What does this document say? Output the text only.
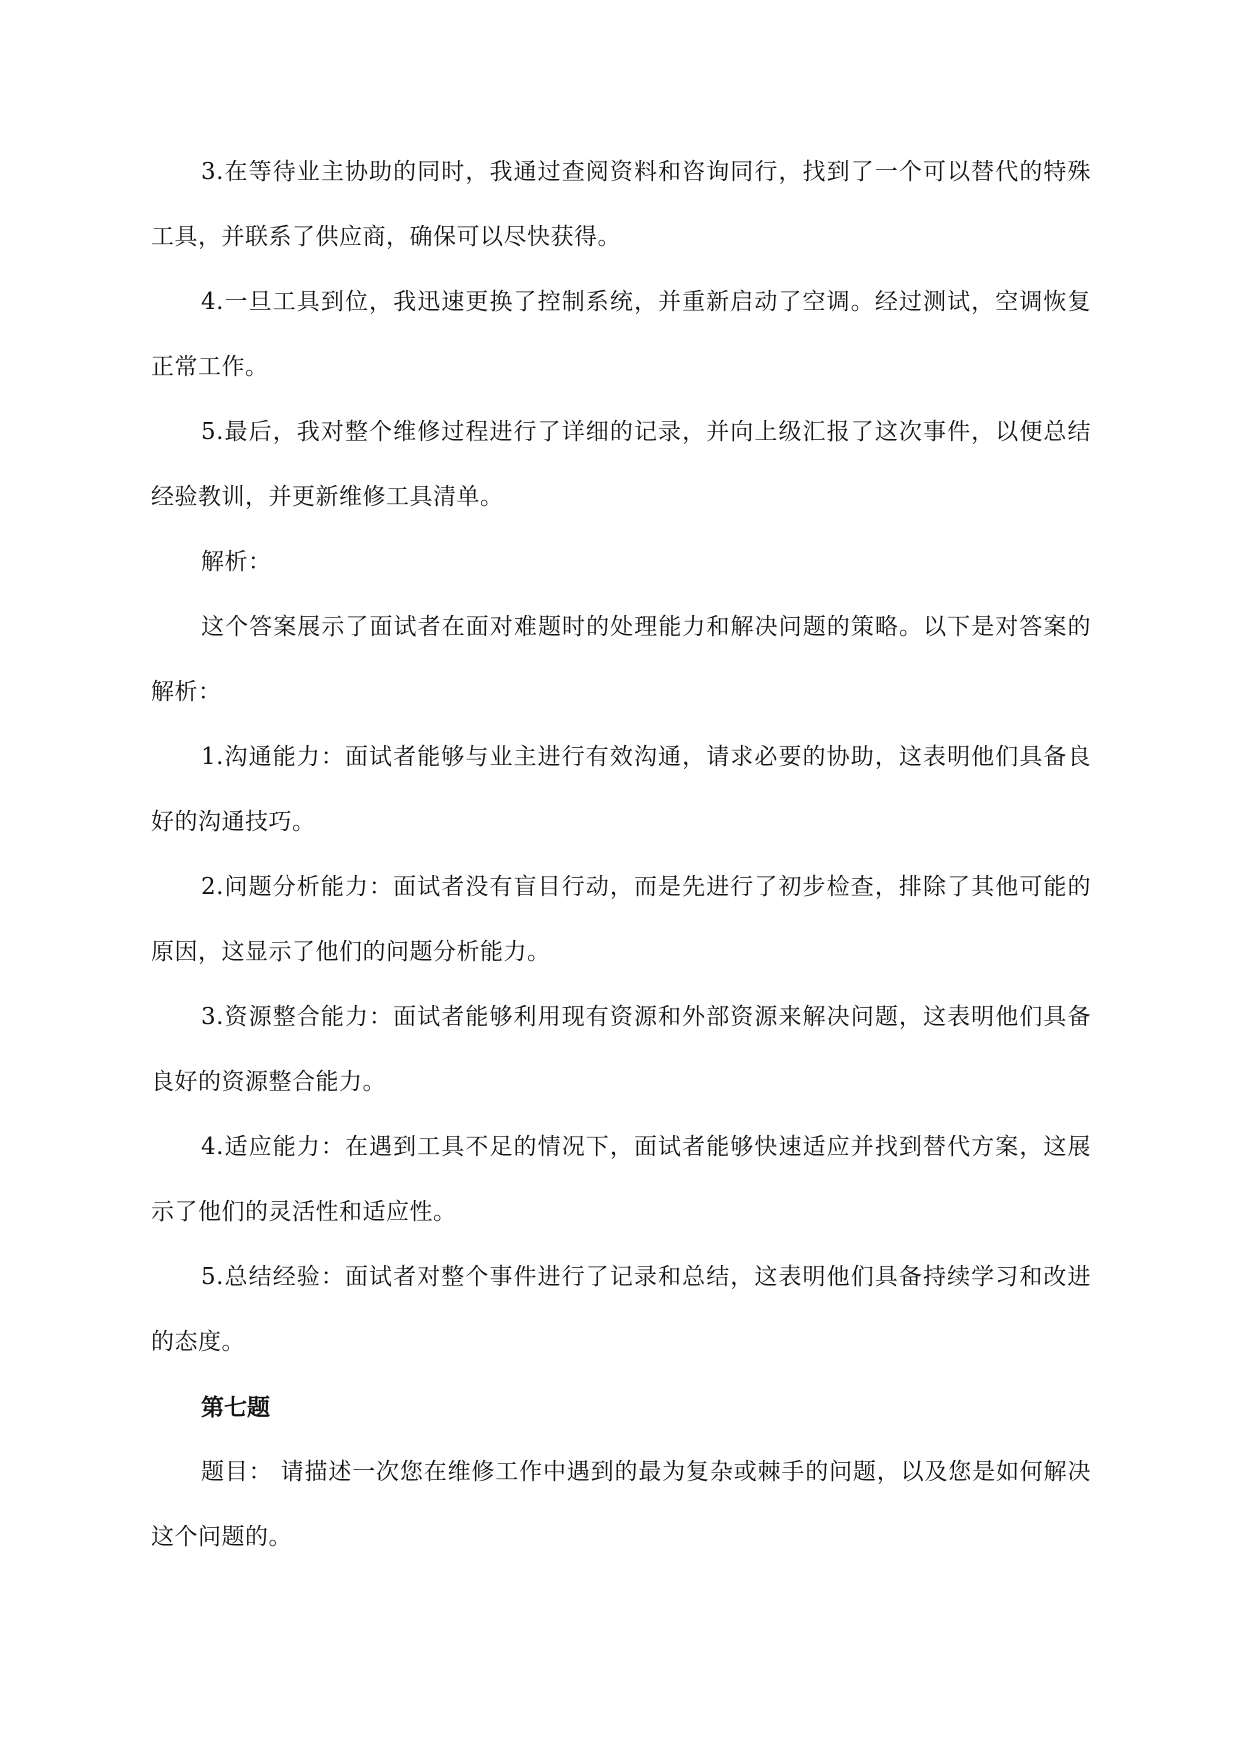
3.在等待业主协助的同时，我通过查阅资料和咨询同行，找到了一个可以替代的特殊工具，并联系了供应商，确保可以尽快获得。

4.一旦工具到位，我迅速更换了控制系统，并重新启动了空调。经过测试，空调恢复正常工作。

5.最后，我对整个维修过程进行了详细的记录，并向上级汇报了这次事件，以便总结经验教训，并更新维修工具清单。

解析：

这个答案展示了面试者在面对难题时的处理能力和解决问题的策略。以下是对答案的解析：

1.沟通能力：面试者能够与业主进行有效沟通，请求必要的协助，这表明他们具备良好的沟通技巧。

2.问题分析能力：面试者没有盲目行动，而是先进行了初步检查，排除了其他可能的原因，这显示了他们的问题分析能力。

3.资源整合能力：面试者能够利用现有资源和外部资源来解决问题，这表明他们具备良好的资源整合能力。

4.适应能力：在遇到工具不足的情况下，面试者能够快速适应并找到替代方案，这展示了他们的灵活性和适应性。

5.总结经验：面试者对整个事件进行了记录和总结，这表明他们具备持续学习和改进的态度。

第七题

题目： 请描述一次您在维修工作中遇到的最为复杂或棘手的问题，以及您是如何解决这个问题的。
